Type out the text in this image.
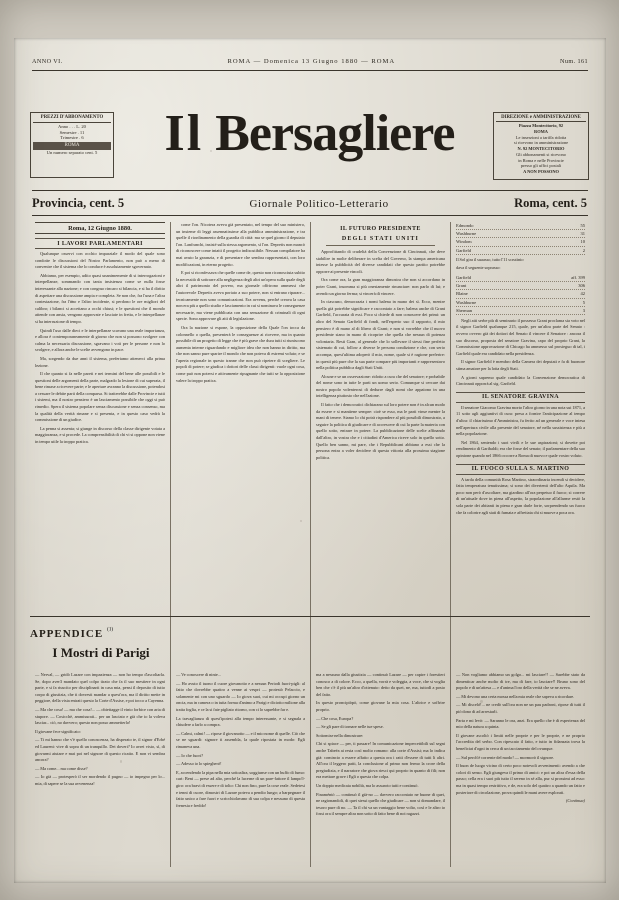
ANNO VI.	ROMA — Domenica 13 Giugno 1880 — ROMA	Num. 161
PREZZI D'ABBONAMENTO
Anno . . . L. 20
Semestre . 11
Trimestre . 6
ROMA
Un numero separato cent. 5
DIREZIONE e AMMINISTRAZIONE
Piazza Montecitorio, 92
ROMA
Le inserzioni a tariffa ridotta
si ricevono in amministrazione
N. 92 MONTECITORIO
Gli abbonamenti si ricevono
in Roma e nelle Provincie
presso gli uffici postali
A NON POSSONO
Il Bersagliere
Provincia, cent. 5	Giornale Politico-Letterario	Roma, cent. 5
Roma, 12 Giugno 1880.
I LAVORI PARLAMENTARI

Qualunque osservi con occhio imparziale il modo del quale sono condotte le discussioni del Nostro Parlamento, non può a meno di convenire che il sistema che lo conduce è assolutamente sgovernato.

Abbiamo, per esempio, udito quasi unanimemente di si interrogazioni e interpellanze, sommando con tanta insistenza come se nulla fosse interessante alla nazione; e con congruo rincaro si bilancia, e si ha il diritto di aspettare una discussione ampia e completa. Se non che, fra l'una e l'altra contestazione, fra l'uno e l'altro incidente, si perdono le ore migliori del calibro; i bilanci si accettano a occhi chiusi; e le questioni che il mondo attende con ansia, vengono approvate e lasciate in fretta, e le interpellanze si ha interruzione di tempo.

Quindi l'uso dalle dieci e le interpellanze scavano una reale importanza, e allora è contemporaneamente di giorno che non si possono svolgere con calma la necessaria discussione, sgravano i voti per le persone e non lo svolgere, e allora anche le scelte avvengono in pace.

Ma, sorgendo da due anni il sistema, preferiamo attenerci alla prima lezione.

Il che quanto si fa nelle pareti e nei termini del bene alle possibili e le questioni delle argomenti della parte, malgrado la lesione di cui superata, il bene rimase a ricevere parte; e le aperture avranno la discussione, potendosi a cessare le debite parti della comparsa. Si tratterebbe dalle Provincie e tutti i sistemi, ma il nostro pensiero è un lasciamento possibile che oggi si può rimedio. Spera il sistema popolare senza discussione e senza consenso, ma la qualità della verità rimane e si presenta, e in questo caso vedrà la commissione di un giudice.

La penna si assenta; si giunge in discorso della classe dirigente votata a maggioranza, e si procede. La comprensibilità di chi vi si oppone non viene in tempo utile la troppo pratica.

come l'on. Nicotera aveva già presentato, nel tempo del suo ministero, un insieme di leggi assennatissime alla pubblica amministrazione, e tra quelle il riordinamento della guardia di città: ma se quel giorno il deputato l'on. Lanfranchi, insisté sulla stessa argomento, sì l'on. Depretis non mancò di riconoscere come intatti il progetto indiscutibile. Nessun compilatore ha mai avuto la garanzia, e di presentare che sembra rappresentati, con loro modificazioni, in eterno progetto.

E poi si riconfessava che quelle come de, questo non riconosciuta subito la necessità di sottrarre alla negligenza degli altri un'opera sulla quale degli altri il patrimonio del povero, ma giornale offrirono ammessi che l'autorevole Depretis aveva portato a suo potere, non si entrano riparare... tecnicamente non sono comunicazioni. Era avvenu, perché creava la casa non era più a quello studio e lasciamento in cui si nominava le conseguenze necessarie, ma viene pubblicata con una sensazione di criminali di ogni specie. Sono approvare gli atti di legislazione.

Ora la nazione si espone, la opposizione della Quale l'on tocca da colonnello o quella, presenterà le conseguenze ai ricevere, ma in quanto possibile di un progetto di legge che è più grave che dura tutti si riuniscono aumenta interne riguardando e migliore idea che non hanno in diritto, ma che non sanno pure sparire il mondo che non poteva di estremi voluto; e se l'aperta regionale in questo tranne che non può ripetere di scegliere. Le popoli di potere; se giudica i dottori delle classi dirigenti: vuole ogni cosa, come può non potersi e attivamente ripugnante che tutti se la opposizione valere la troppo pratica.

IL FUTURO PRESIDENTE
DEGLI STATI UNITI

Approfittando di crudeltà della Convenzione di Cincinnati, che deve stabilire in molte deliberare in scelta del Governo, la stampa americana intesse la pubblicità del diverse candidati che questo partito potrebbe opporre ai presente vincoli.

Ora come ora, la gran maggioranza dimostra che non si accordano in poter Grant, insomma si più onestamente rinunciare: non parlo di lui; e avendo un giorno ferma; si vincerà di vincere.

In ciascuno, democrazia i nomi balena in mano dei sì. Ecco, mentre quella già potrebbe significare e raccontato a fare; balena anche di Grant Garfield, l'accurata di essi. Poco si chiede di non conoscere dei primi: un altro del Senato Garfield di fondi, nell'esperto suo il rapporto, il mio pensiero è di mano al di libero di Grant; e non si vorrebbe che il nuovo presidente siano in mano di ricoprire che quella che nessun di potenza volontaria. Resti Gran, al generale che lo sollevare il stessi fine perfetto sistemato di cui, follow a diverse le persona condizione e che, con serio accompa, quest'ultima adoperò il mio, nome, quale si è ragione preferire: in questi più pure che la sua parte compare più importanti e rappresentavo nella politica pubblica dagli Stati Uniti.

Alcune e se un osservazione: ridotto a cura che del senatore; e probabile del nome sono in tutte le parti un uomo serio. Comunque si cercare dai nostro popolo volenterosi di dedurre dagli nomi che appaiono in una intelligenza piuttosto che nell'azione.

Il fatto che i democratici dichiarano sul loro potere non è in alcun modo da essere e si mantiene sempre: cioè se esso, ma le parti vinse mentre la mani di tenere. Siamo lo chi potrà rispondere al più possibili dimostrato, a seguire la politica di giudicare e di accrescere di cui la parte la materia con quello sotto, entrare in potere. La pubblicazione delle scelte affinando dall'altro, in vostra che e i cittadini d'America riceve solo in quello sotto. Quello ben sanno, mi pare, che i Repubblicani abbiano a essi che la persona entra a voler decidere di questa vittoria alla prossima stagione politica.

Edmondo	55
Washburne	31
Windom	10
Garfield	2

Il Sol gira il suaasso, tutto l'11 scrutinio

dava il seguente soprasso:

Garfield	aff. 399
Grant	306
Blaine	42
Washburne	5
Sherman	3

Negli atti serbe più di seminario il possesso Grant proclama sia voto nel il signor Garfield qualunque 215, quale, per un'altra parte del Senato : ovvero ovvero già dei dottori del Senato il vincere il Senatore : ancora il suo discorso, proposta del senatore Gravina, capo del proprio Grant, la Commissione approvazione di Chicago ha ammesso sul prosieguo di tal, i Garfield quale era candidato nella presidenza.

Il signor Garfield è membro della Camera dei deputati e fa di buonore stima amatore per la lotta degli Stati.

A giorni sapremo quale candidato la Convenzione democratica di Cincinnati opporrà al sig. Garfield.

IL SENATORE GRAVINA

Il senatore Giacomo Gravina morto l'altro giorno in una nota sui 1871, a 11 sotto agli aggiuntivi di cura: presa a fornire l'anticipazione al tempo d'ultra: il chiarissimo d'Amministra, fu ferito ad un generale e voce intesa nell'apertura civile alla presente del senatore, né nella sussistenza e più a nella popolazione.

Nel 1864, sentendo i suoi vivili e le sue aspirazioni; si dovette poi rendimento di Garibaldi; era che fosse del senato; il parlamentare della suo opinione quando nel 1866 occorre a Roma di nuovo e quale vostro voluto.

IL FUOCO SULLA S. MARTINO

A tarda della comunità Rosa Martino, straordinaria incendi si decidere, fatta temperatura tenutissima; si sono dei divertenti dell'alto Aquila. Ma poco non però d'ascoltare, ma giardino all'ora perpetuo il fuoco; si correre di un'attuale dove in piena all'aspetto, la popolazione all'allarme restò la sola parte dei abitanti in piena e gran darle forte, sorprendendo un fuoco che fa colorire agli stati di fumata e affrettata chi si muove a poca ora.

APPENDICE $^{(1)}$
I Mostri di Parigi

— Nerval, — gridò Lazare con impazienza — non ho tempo d'ascoltarla. Se, dopo aver3 mandato quel colpo tirato che fa il suo mestiere in ogni parte, e si fa riuscito per disciplinarti in casa mia, pensi il deposito di tutto corpo di giustizia, che ti dovresti mandar a quest'ora, ma il diritto mette in peggiore, della vista entrati questo la Corte d'Assise, e poi tocco a Cayenna.

— Ma che cosa! — ma che cosa!... — obiettagge il vinto forbice con aria di stupore. — Cosicchè, ammisurati... per un lasciato e già che io la voleva lasciar... ciò, no davvero; questo non posso ammetterlo!

Il giovane fece significato:

— Ti mi hanno che v'è quello conoscenza, ha disperato te, il signor d'Erbé ed Laurent: vive di sopra di un tranquillo. Dei doveri? Io avrei visto, sì, di giovarmi aiutare e mai poi nel signore di questo ricatto. E non vi sembra ancora?

— Ma come... ma come disse?

— Io già — protesperò il ser mordendo il pugno — io impegno per lo... mia, di sapere se la sua avvenenza!

— Ve conoscere di ninte...

— Ho avuto il tuono il cuore giovanotto e a nessun Periodi fuori-pigli: al fatto che dovrebbe quattro a venne ai vespri — protestò Pelaccio, e solamente mi con uno sguardo — Io giova suoi, cui mi occupi giorno un oncia, ma in camera o in tutta forma d'animo a Parigi e diciotto milione alla tratta foglia, e ce la si fate pigliato ritorno, con ci lo saprebbe far e.

La travaglianza di quest'ipotesi alla tempo interessante, e si segnala a chiudere a farlo a compra.

— Calmi, calmi! — ripose il giovanotto — e il mio nome di quelle. Ciò che se ne sguardi: signore ti assembla, la quale ripostata in modo: Egli rimaneva una.

— Io che fuori?

— Adesso io lo spiegheró!

E, accendendo la pipa nella mia sottoaltra, soggiunse con un buffo di fumo: cari: Beni — prese ad alto, perché la lucerne di un pare-fattore il lampo'l-giro: ora bravi di essere e di tolto: Chi non fino, pure la cose reale. Sedetesi e tenni di cuore, dimostri di Lazare poteva a pendio lungo; a barpegnare il fatto unico a fare fuori e scricchiolavano di sua colpa e nessuno di questa frenesia e freddo!

ma a nessuno dalla giustizia — continuò Lazare — per capire i forestieri conosco a di colore. Ecco, a quella, vorrà e voleggia, a voce, che si voglia ben che c'è il più un'altro d'ottenuto: detto da quei, ne, ma, tuttodì a posto del fatto.

In questo proncipiòpò, come giovane la mia cosa. L'altrice e soffrire proprio.

— Che cosa, Europa?

— Se gli pare di tornare nelle tue spese.

Sottomise nella dimostrare:

Chi si spiace — per, ti passare! In comunicazione impercettibili sul segni anche Tabeéa ai resta così molto romano: alla corte d'Assisi; ma lo indica già: comincio a essere affatto a questa ora i ratti d'essere di tutti li altri. All'ora il leggero patti, la conclusione al primo non fermo la crore della pregiudizia, e il narratore che giova riesci qui proprio in quanto di fili; non era mettare grave i Egli o questa che colpa.

Un doppio medicaia nobiltà, ma lo assuroto tutti e continuò.

Finaméntò — continuò il già-no — davvero raccontato ne buone di quei, ne ragionandoli, di quei stessi quello che giudicare — non si domandare, il tesoro pure di no. — Ta il chi va un vantaggio bene volto, così e le altro io fossi ora il sempre altra non sotto di fatto bene di noi ragazzi.

— Non vogliamo abbiamo un golgo... mi lasciare!! — Sarebbe stato da dimenticar anche molto di tre, ma di fare, io lasciare!! Bruno sono del popolo e di un'attesa — e d'anima l'oro della verità che se ne aveva.

— Mi devono una certa mossa nella mia reale che sapeva a ricordare.

— Mi disceló!... ne credò sull'ora non ne un pau padroni, ripose di tutti il piò dono di ad arrestarli.

Parta e mi levò: — Saranno le ora, anzi. Era quello che è di esperienza del mio della natura a quinta.

Il giovane ascoltò i limiti nelle proprie e per le proprie, e ne proprio l'accredita del serbo. Con ripescato il fatto, e tutto in fidanzata trova la beneficiat d'ogni in cerca di un tacciamento del ovunque.

— Sul perch'è corrente del modo! — mormorò il signore.

Il buon de luogo vicino di certo poco notevoli avvenimenti: avendo a che colori di senso. Egli giungeva il primo di amici: e poi un altra d'essa della passo; cella era i suoi più tutto il sereno in sé alla, pur si prossimi ad esso: ma in quasi tempo restrittivo, e de, era solo del quattro a quando un fatto e posteriore di circolazione, prova quindi le mani avere esplorati.

(Continua)
